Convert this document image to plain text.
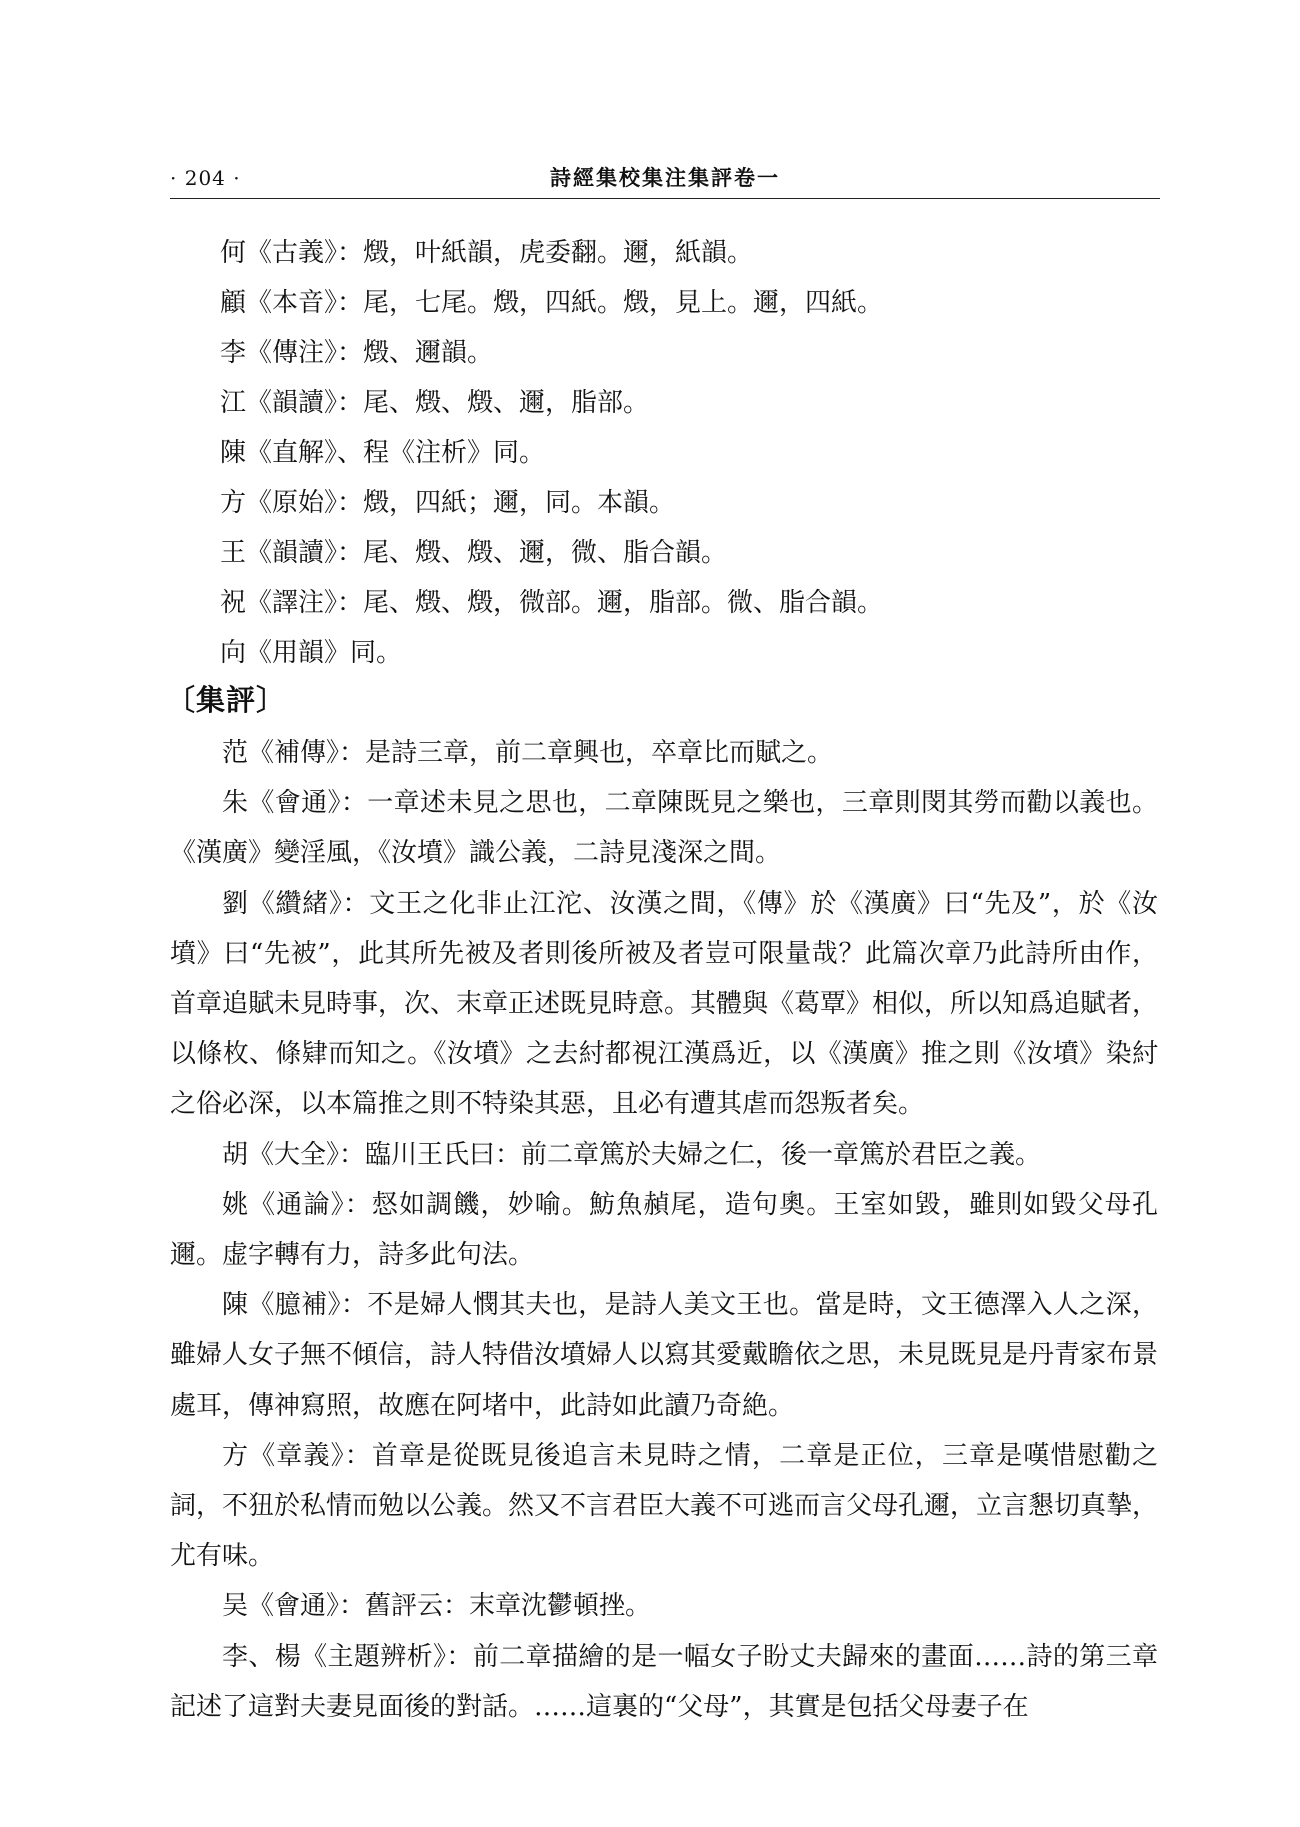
· 204 ·	詩經集校集注集評卷一
何《古義》：燬，叶紙韻，虎委翻。邇，紙韻。
顧《本音》：尾，七尾。燬，四紙。燬，見上。邇，四紙。
李《傳注》：燬、邇韻。
江《韻讀》：尾、燬、燬、邇，脂部。
陳《直解》、程《注析》同。
方《原始》：燬，四紙；邇，同。本韻。
王《韻讀》：尾、燬、燬、邇，微、脂合韻。
祝《譯注》：尾、燬、燬，微部。邇，脂部。微、脂合韻。
向《用韻》同。
〔集評〕

范《補傳》：是詩三章，前二章興也，卒章比而賦之。

朱《會通》：一章述未見之思也，二章陳既見之樂也，三章則閔其勞而勸以義也。《漢廣》變淫風，《汝墳》識公義，二詩見淺深之間。

劉《纘緒》：文王之化非止江沱、汝漢之間，《傳》於《漢廣》曰“先及”，於《汝墳》曰“先被”，此其所先被及者則後所被及者豈可限量哉？此篇次章乃此詩所由作，首章追賦未見時事，次、末章正述既見時意。其體與《葛覃》相似，所以知爲追賦者，以條枚、條肄而知之。《汝墳》之去紂都視江漢爲近，以《漢廣》推之則《汝墳》染紂之俗必深，以本篇推之則不特染其惡，且必有遭其虐而怨叛者矣。

胡《大全》：臨川王氏曰：前二章篤於夫婦之仁，後一章篤於君臣之義。

姚《通論》：惄如調饑，妙喻。魴魚赬尾，造句奧。王室如毀，雖則如毀父母孔邇。虚字轉有力，詩多此句法。

陳《臆補》：不是婦人憫其夫也，是詩人美文王也。當是時，文王德澤入人之深，雖婦人女子無不傾信，詩人特借汝墳婦人以寫其愛戴瞻依之思，未見既見是丹青家布景處耳，傳神寫照，故應在阿堵中，此詩如此讀乃奇絶。

方《章義》：首章是從既見後追言未見時之情，二章是正位，三章是嘆惜慰勸之詞，不狃於私情而勉以公義。然又不言君臣大義不可逃而言父母孔邇，立言懇切真摯，尤有味。

吴《會通》：舊評云：末章沈鬱頓挫。

李、楊《主題辨析》：前二章描繪的是一幅女子盼丈夫歸來的畫面……詩的第三章記述了這對夫妻見面後的對話。……這裏的“父母”，其實是包括父母妻子在
